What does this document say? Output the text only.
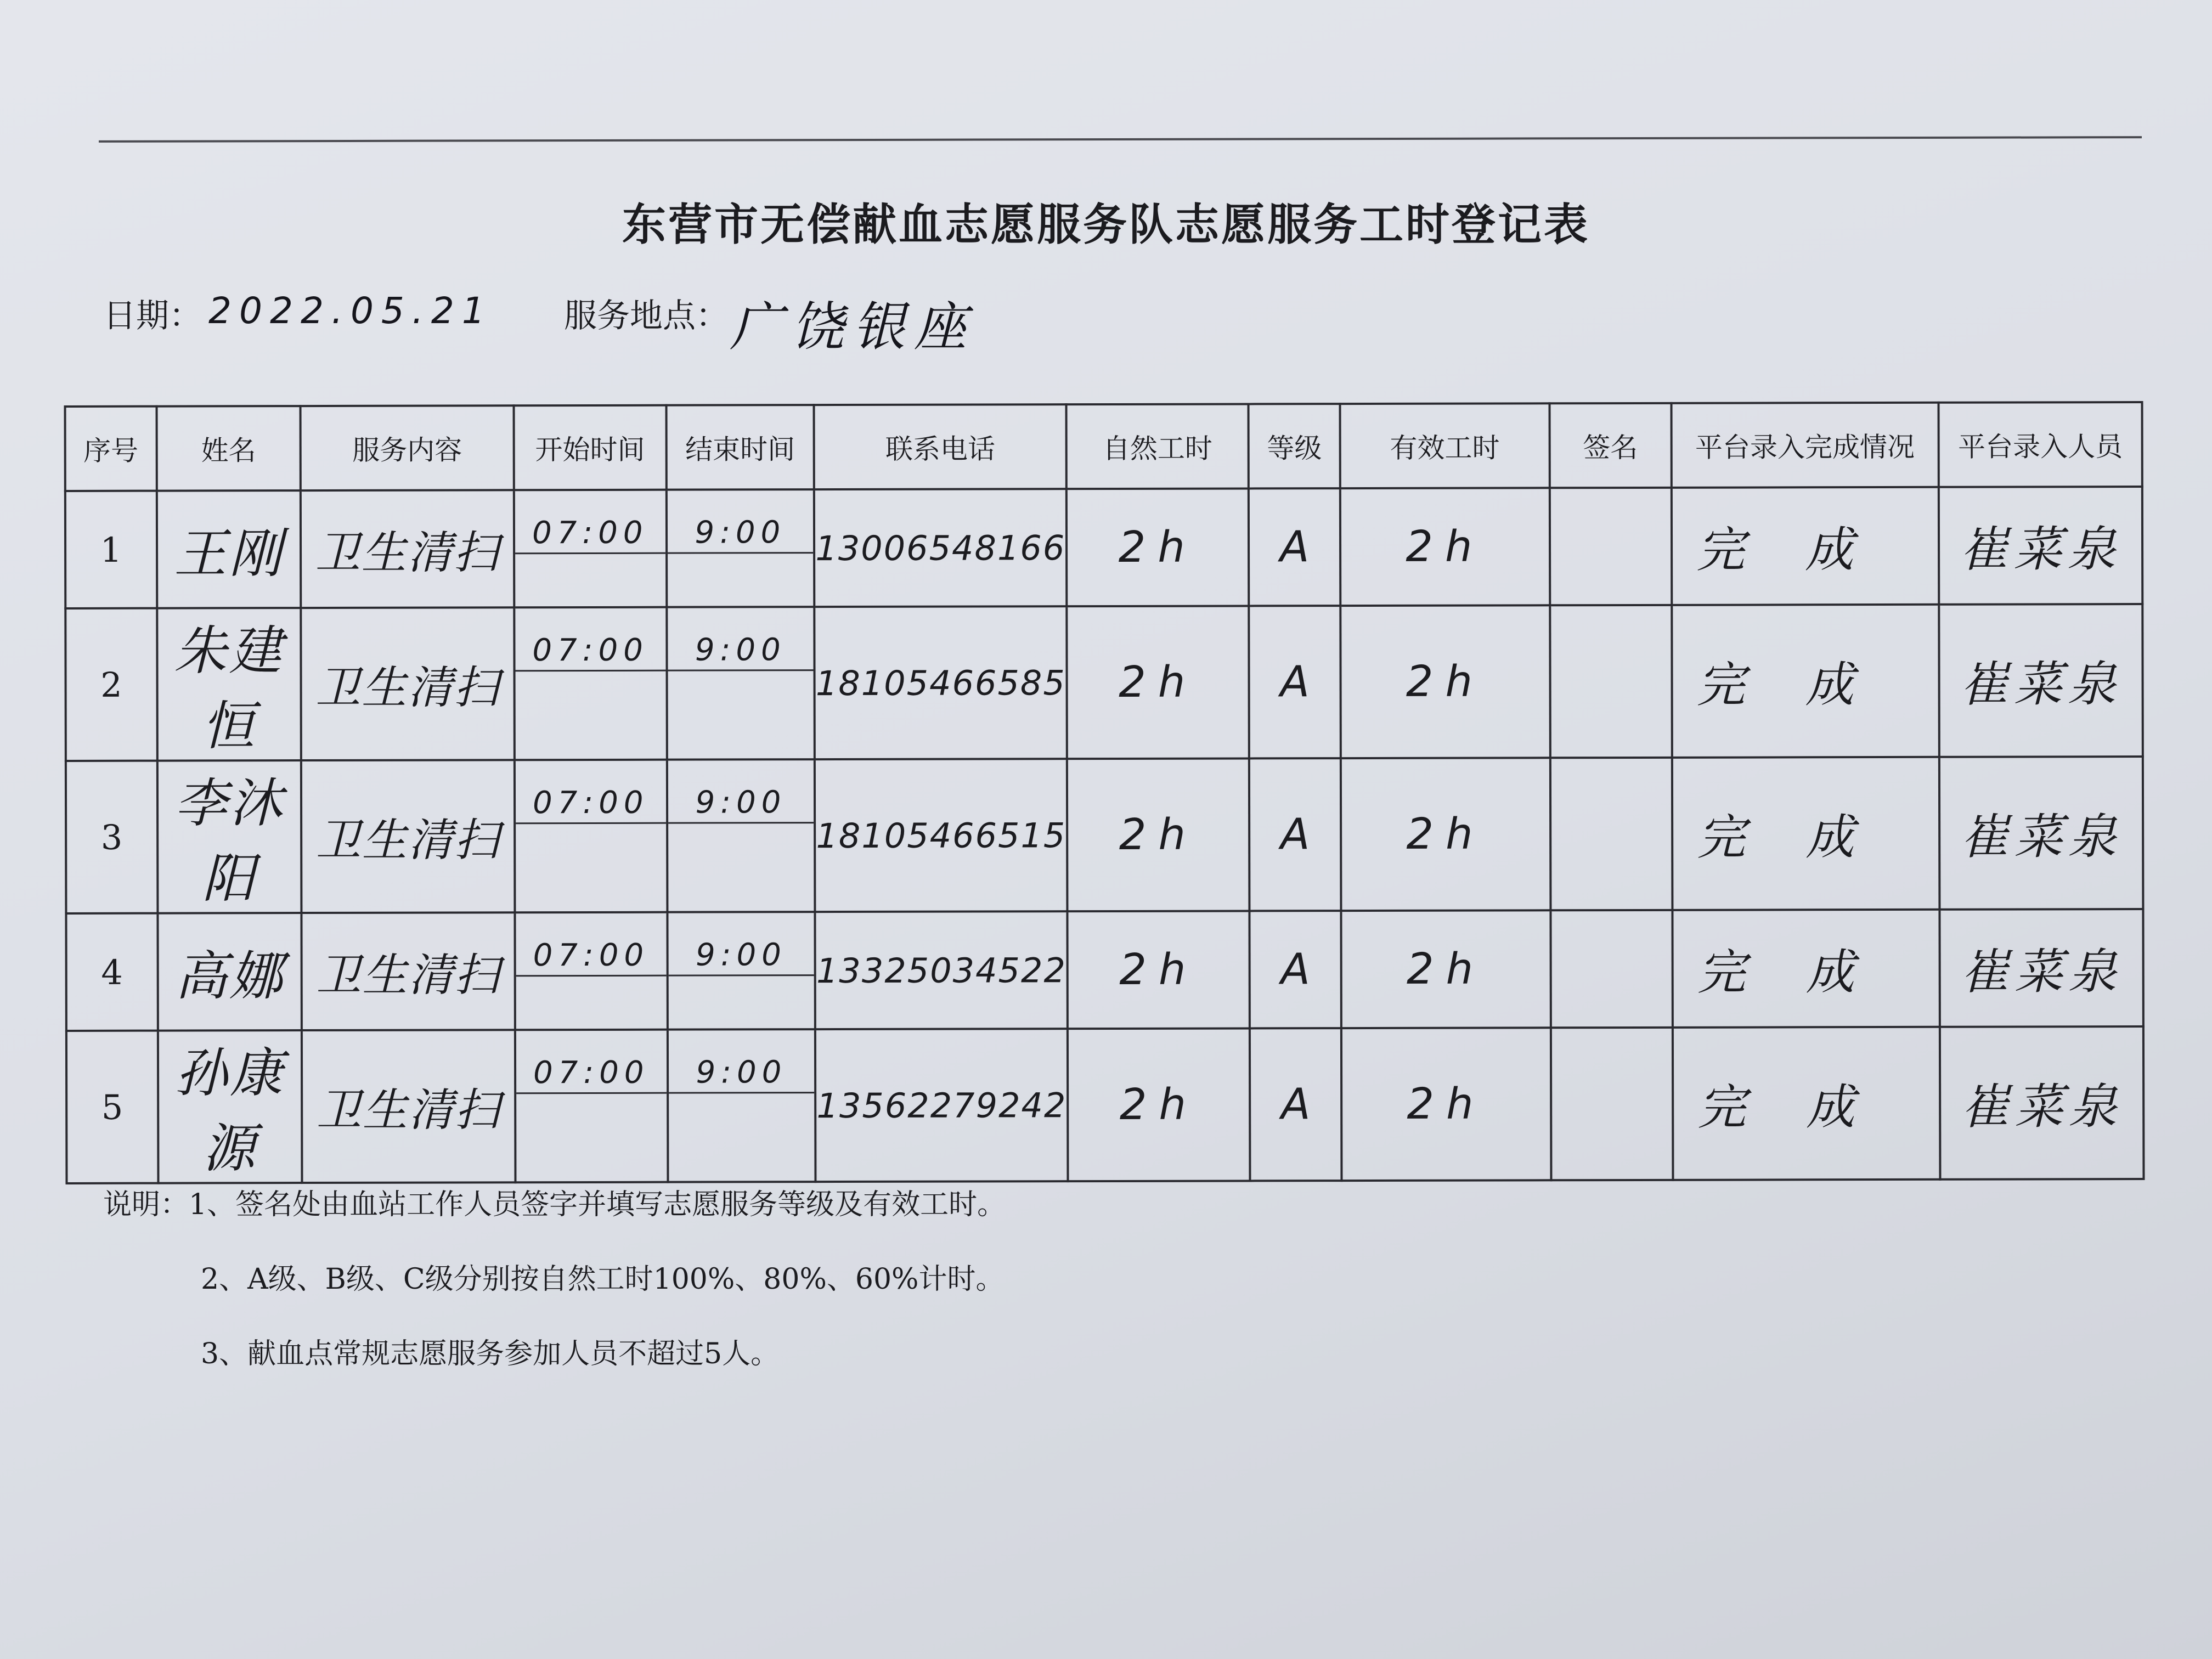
东营市无偿献血志愿服务队志愿服务工时登记表
日期： 2022.05.21 服务地点： 广饶银座
序号	姓名	服务内容	开始时间	结束时间	联系电话	自然工时	等级	有效工时	签名	平台录入完成情况	平台录入人员
1	王刚	卫生清扫	07:00	9:00	13006548166	2h	A	2h		完成	崔菜泉
2	朱建恒	卫生清扫	07:00	9:00	18105466585	2h	A	2h		完成	崔菜泉
3	李沐阳	卫生清扫	07:00	9:00	18105466515	2h	A	2h		完成	崔菜泉
4	高娜	卫生清扫	07:00	9:00	13325034522	2h	A	2h		完成	崔菜泉
5	孙康源	卫生清扫	07:00	9:00	13562279242	2h	A	2h		完成	崔菜泉
说明：1、签名处由血站工作人员签字并填写志愿服务等级及有效工时。
2、A级、B级、C级分别按自然工时100%、80%、60%计时。
3、献血点常规志愿服务参加人员不超过5人。
